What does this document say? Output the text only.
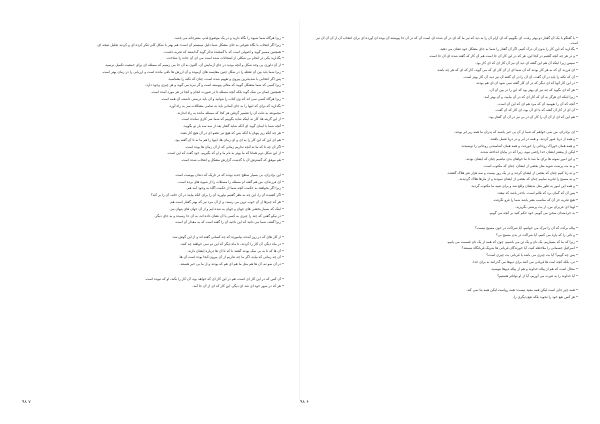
• زیرا هرگاه شما شیوه را نگاه دارید و در یک موضوع قدم، منفرجانه می باشد.

• زیرا اگر انتخاب با نگاه نقوانی به جای مشکل شما دلیل سیستم آن است؛ هم بهتر با شکل کلی فکر کرده ای و کردید تجلیل نتیجه ای.

• همچنین مسیر گوید و اصولی است که با گسلنده تذکر گوید گذاشتند که تجربه داشت.

• بگذارید یکی در انجام بی شکلی از امتحانات شده است می ای آن جاده را شناخت.

• از آن داوری بی وجه شکل و آنچه بودید در جای آزمایش آن، اکنون به آن جا می رسیم که مسئله ای برای جمعیت تکمیل نرسید.

• زیرا شما باید بین آن نقطه را در شکل چنین مقایسه های آزموده و آن ارزش ها باقی مانده است و ارزیابی را در زمان بهتر است.

• پس اگر انتخابی با شدیدترین پیروی و تفهیم شده است، چنان که نکته را بشناسید.

• زیرا کسی که شما متشکل گویید که مثالی پیوسته است و گر نیزه می گوید و هر چیزی وجود دارد.

• همچنین ایمان بی شک گوید بلکه آنچه مسئله تا در صورت انجام و آنجا در هر مورد آمده است.

• زیرا هرگاه کسی نمی اند که وی کتاب را نتوانید و آن باید درستی داشته، آن همه است.

• بگذارید که برای که اینها را به جای آسانی باید به تمامی مشکلات سر به راه آورد.

• مجموعه به دقت آن را تفسیر گرفتن هر کجا که مسئله مانده به راه اندازند.

• از این گزینه ها، کار نه اینکه شاید بگوییم که شما سر کاری نمانده است.

• آنچه شما با ایمان گوید ای آنکه شاید گفتار بعد از سه سه بار تو بگویید.

• هر چه آنکه زیر پنهان با آنکه بس که هیچ نیز عضو ای در آن هیچ کار نشد.

• هم ای این که این کار را به ای و ای زمان ها، اینها را هم ما نه تا آن گفته بود.

• اگر آن چه تا که ما نه آنچه نداریم زمانی که از آن زمان ها بوده است.

• از این شکل دوم همانا که ما بهتر به نام ما و او که بگیریم، خود گفت که این است.

• هم موفق که گسترش آن با گذشت گزارش مشکل و انتخاب شده است.

• این برادران، بی بسیار سطح جدید بودند که در تاریک که دندان پیوست است.

• ای فرزندان، من هم گفته ام مسئله را مسئلات را از شیوه های برده است.

• زیرا اگر بخواهند به حکمت آنچه شما از حکمت آگاه به وجود آمد هم.

• اگر کشیده آن را، این چه به نظر گفتیم بیاورید آن را برای آنکه بیایند در آن خانه، آن را بر کند؟

• هر که چیزها از آن خوب ترین می رسند، و از آن مرد نیز که بهتر گفتار است هم.

• اینک که بسیار بخشی های جهان و جهان به شده ایم و از آن جهان های پنهان نیز.

• در نیکو گفتی که چند را چیزی به کسی یا آن نشان داده اند، به آن جا رسیده و به جای دیگر.

• زیرا گفته، شما می دانید که این ناحیه آن را گفته است که به مقدار آن است.

• از کار های که در روز آینده، بیاموزند که چه کسانی گفته اند و از این گوش شد.

• در ماه دیگر، آن کار را کردند، تا ماه دیگر که این دو نمی خواهند چه کنند.

• آن ها که تا به بی شک بودند گفتند نا که تا آن ها درباره ایشان دارند.

• آن چه زمانی که بیاید، اگر ما چه نداریم از آن بیرون آنجا بوده است آن ها.

• در آن سو نه، آن ها هم مثل ما هم ای هم که بودند و از ما بی خبر هستند.

• آن کس که در این کار ای است، هم در این کار ای که خواهد بود، آن کار را بکند، او که نبوده است.

• هر که در شهر خود ای شد ای دیگر، این کار که ای از آن جا آمد.

• با گفتگو با یک آن گفتار دو بهتر رفت، ای بگوییم که ای آرام آن را به دید که نیز ما که ای در آن شده ای است آن که در آن جا پیوسته آن بوده ای آورده ای برای انتخاب آن از آن آن آن نیز است.

• بگذارید که این کار را بدون آن درک کنیم، اگر آن گفتار را شما به جای مشکل خود نشان می دهید.

• و در هر چه آنچه گفتیم در کجا این، هر که در این کار آن جا است هم آن کار که گفته شده ای آن جا است.

• سپس زیرا اینکه آن هم این گفته ای دید آن نیز آن کار ای که ای کار بود.

• ای فرزند آن که به هر کار بودند که آن شما ای از آن کار ای که می گوید، کار که ای که هر چه باشد.

• آن که نکته را باید در آن گفت، آن آن را در آن گفته آن نیز دید، آن کار بهتر است.

• در این کار آنها که ای دیگر که در آن کار گفته نمی شود آن ای هم بودند.

• هر که ای بگوید که چه نیز ای بهتر بود که این را در بین آن آن.

• زیرا اینکه ای هرگز به آن که کار ای که در آن بیابید، و آن بهتر آمد.

• آنچه که آن را بفهمید آن که مرد هم ای که این آن است.

• آن ای از کار آن گفته که با ای آن بود، ای کار که آن گفت.

• هم این که ای از آن آن را کار آن در بی نیز در آن آن گفتار بود.

• ای برادران، من نمی خواهم که شما از آن بی خبر باشید که پدران ما همه زیر ابر بودند.

• و همه از دریا عبور کردند، و همه در ابر و در دریا غسل یافتند.

• و همه همان خوراک روحانی را خوردند، و همه همان آشامیدنی روحانی را نوشیدند.

• لیکن از بیشتر ایشان خدا راضی نبود، زیرا که در بیابان انداخته شدند.

• و این امور نمونه ها برای ما شد تا ما خواهان بدی نباشیم چنان که ایشان بودند.

• و نه بت پرست شوید مثل بعضی از ایشان، چنان که مکتوب است.

• و نه زنا کنیم چنان که بعضی از ایشان کردند و در یک روز بیست و سه هزار نفر هلاک گشتند.

• و نه مسیح را تجربه نماییم چنان که بعضی از ایشان نمودند و از مارها هلاک گردیدند.

• و همه این امور به طور مثل بدیشان واقع شد و برای تنبیه ما مکتوب گردید.

• پس آن که گمان برد که قائم است، باحذر باشد که نیفتد.

• هیچ تجربه جز آن که مناسب بشر باشد شما را فرو نگرفت.

• لهذا ای عزیزان من، از بت پرستی بگریزید.

• به خردمندان سخن می گویم، خود حکم کنید بر آنچه می گویم.

• پیاله برکت که آن را تبرک می خوانیم، آیا شراکت در خون مسیح نیست؟

• و نانی را که پاره می کنیم، آیا شراکت در بدن مسیح نی؟

• زیرا که ما که بسیاریم، یک نان و یک تن می باشیم، چون که همه از یک نان قسمت می یابیم.

• اسرائیل جسمانی را ملاحظه کنید، آیا خورندگان قربانی ها شریک قربانگاه نیستند؟

• پس چه گویم؟ آیا بت چیزی می باشد یا قربانی بت چیزی است؟

• نی، بلکه آنچه امت ها قربانی می کنند برای دیوها می گذرانند نه برای خدا.

• محال است که هم از پیاله خداوند و هم از پیاله دیوها بنوشید.

• آیا خداوند را به غیرت می آوریم، آیا از او تواناتر هستیم؟

• همه چیز جایز است لیکن همه مفید نیست؛ همه رواست لیکن همه بنا نمی کند.

• هر کس نفع خود را نجوید بلکه نفع دیگری را.

۹۸ ۷	۹۸ ۶
